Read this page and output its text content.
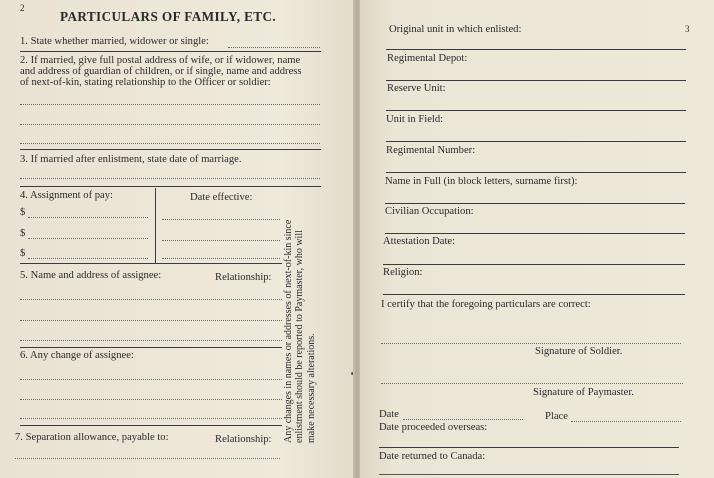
2
PARTICULARS OF FAMILY, ETC.
1. State whether married, widower or single:
2. If married, give full postal address of wife, or if widower, name
and address of guardian of children, or if single, name and address
of next-of-kin, stating relationship to the Officer or soldier:
3. If married after enlistment, state date of marriage.
4. Assignment of pay:	Date effective:
$
$
$
5. Name and address of assignee:	Relationship:
6. Any change of assignee:
7. Separation allowance, payable to:	Relationship: Any changes in names or addresses of next-of-kin since enlistment should be reported to Paymaster, who will make necessary alterations.
3
Original unit in which enlisted:
Regimental Depot:
Reserve Unit:
Unit in Field:
Regimental Number:
Name in Full (in block letters, surname first):
Civilian Occupation:
Attestation Date:
Religion:
I certify that the foregoing particulars are correct:
Signature of Soldier.
Signature of Paymaster.
Date	Place
Date proceeded overseas:
Date returned to Canada:
